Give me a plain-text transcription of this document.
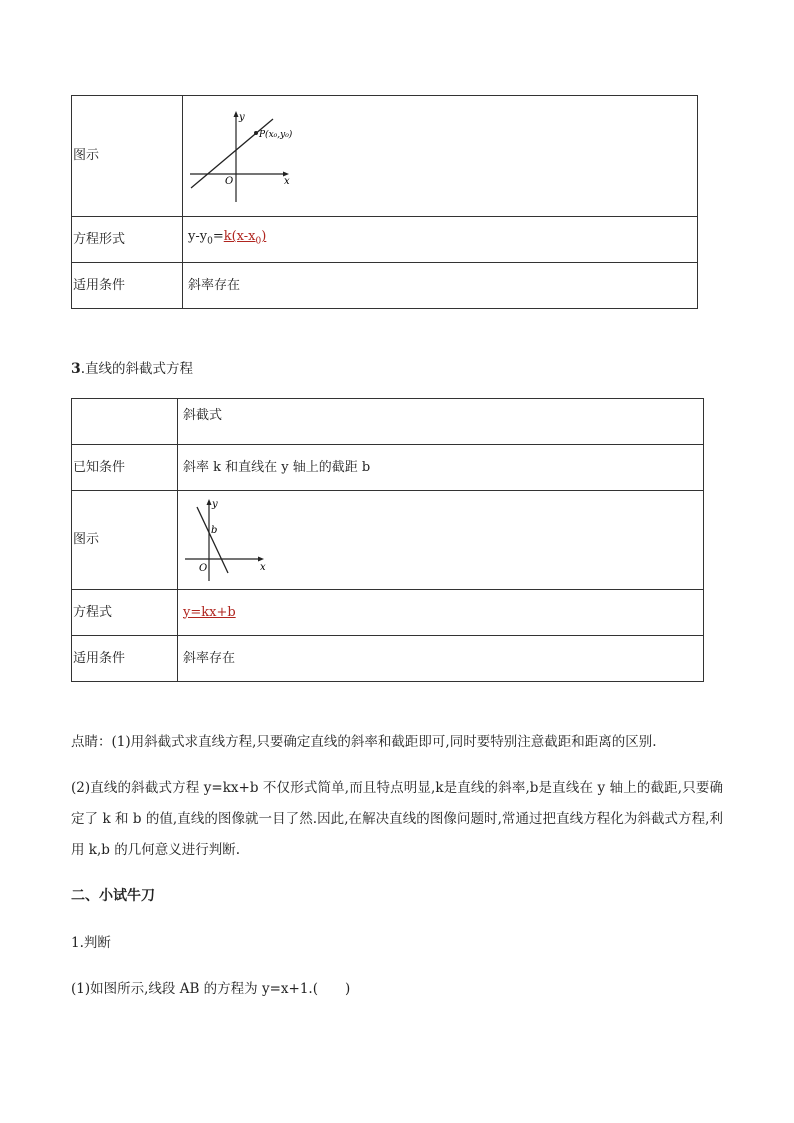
图示	y
x
O
P(x₀,y₀)

方程形式	$y-y_0=k(x-x_0)$
适用条件	斜率存在
3.直线的斜截式方程
	斜截式
已知条件	斜率 k 和直线在 y 轴上的截距 b
图示	y
x
O
b

方程式	y=kx+b
适用条件	斜率存在
点睛：(1)用斜截式求直线方程,只要确定直线的斜率和截距即可,同时要特别注意截距和距离的区别.
(2)直线的斜截式方程 y=kx+b 不仅形式简单,而且特点明显,k是直线的斜率,b是直线在 y 轴上的截距,只要确定了 k 和 b 的值,直线的图像就一目了然.因此,在解决直线的图像问题时,常通过把直线方程化为斜截式方程,利用 k,b 的几何意义进行判断.
二、小试牛刀
1.判断
(1)如图所示,线段 AB 的方程为 y=x+1.(　　)
